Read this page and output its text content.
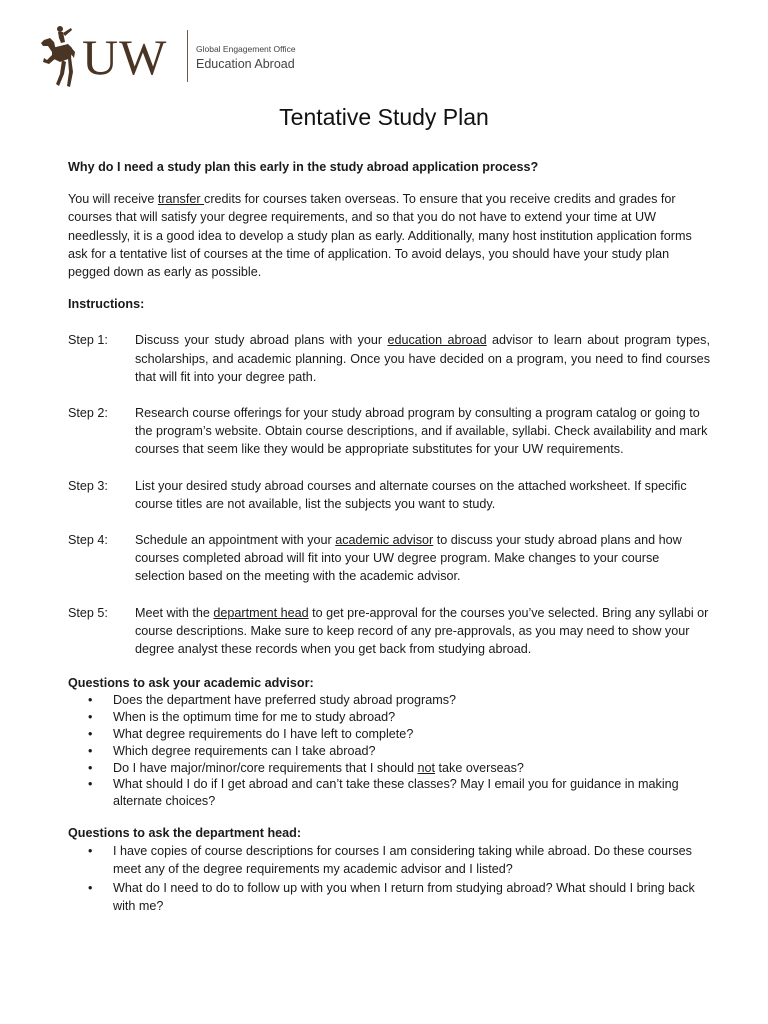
UW	Global Engagement Office
Education Abroad
Tentative Study Plan
Why do I need a study plan this early in the study abroad application process?

You will receive transfer credits for courses taken overseas. To ensure that you receive credits and grades for courses that will satisfy your degree requirements, and so that you do not have to extend your time at UW needlessly, it is a good idea to develop a study plan as early. Additionally, many host institution application forms ask for a tentative list of courses at the time of application. To avoid delays, you should have your study plan pegged down as early as possible.

Instructions:
Step 1:	Discuss your study abroad plans with your education abroad advisor to learn about program types, scholarships, and academic planning. Once you have decided on a program, you need to find courses that will fit into your degree path.
Step 2:	Research course offerings for your study abroad program by consulting a program catalog or going to the program’s website. Obtain course descriptions, and if available, syllabi. Check availability and mark courses that seem like they would be appropriate substitutes for your UW requirements.
Step 3:	List your desired study abroad courses and alternate courses on the attached worksheet. If specific course titles are not available, list the subjects you want to study.
Step 4:	Schedule an appointment with your academic advisor to discuss your study abroad plans and how courses completed abroad will fit into your UW degree program. Make changes to your course selection based on the meeting with the academic advisor.
Step 5:	Meet with the department head to get pre-approval for the courses you’ve selected. Bring any syllabi or course descriptions. Make sure to keep record of any pre-approvals, as you may need to show your degree analyst these records when you get back from studying abroad.
Questions to ask your academic advisor:
• Does the department have preferred study abroad programs?
• When is the optimum time for me to study abroad?
• What degree requirements do I have left to complete?
• Which degree requirements can I take abroad?
• Do I have major/minor/core requirements that I should not take overseas?
• What should I do if I get abroad and can’t take these classes? May I email you for guidance in making alternate choices?
Questions to ask the department head:
• I have copies of course descriptions for courses I am considering taking while abroad. Do these courses meet any of the degree requirements my academic advisor and I listed?
• What do I need to do to follow up with you when I return from studying abroad? What should I bring back with me?
